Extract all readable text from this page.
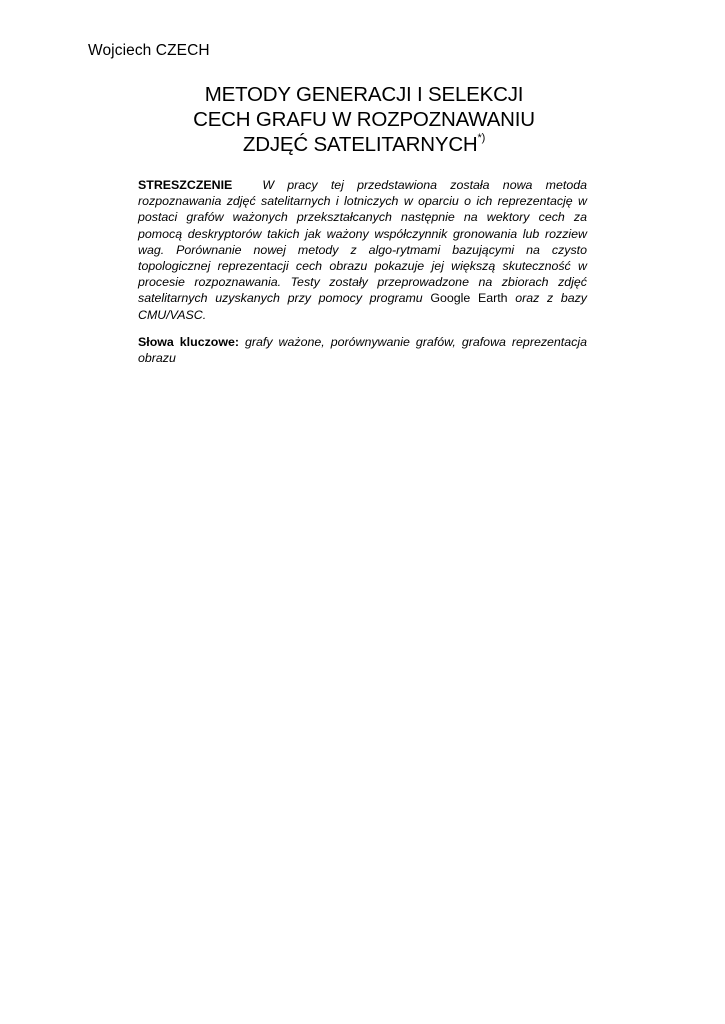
Wojciech CZECH
METODY GENERACJI I SELEKCJI
CECH GRAFU W ROZPOZNAWANIU
ZDJĘĆ SATELITARNYCH*)
STRESZCZENIE W pracy tej przedstawiona została nowa metoda rozpoznawania zdjęć satelitarnych i lotniczych w oparciu o ich reprezentację w postaci grafów ważonych przekształcanych następnie na wektory cech za pomocą deskryptorów takich jak ważony współczynnik gronowania lub rozziew wag. Porównanie nowej metody z algo-rytmami bazującymi na czysto topologicznej reprezentacji cech obrazu pokazuje jej większą skuteczność w procesie rozpoznawania. Testy zostały przeprowadzone na zbiorach zdjęć satelitarnych uzyskanych przy pomocy programu Google Earth oraz z bazy CMU/VASC.
Słowa kluczowe: grafy ważone, porównywanie grafów, grafowa reprezentacja obrazu
